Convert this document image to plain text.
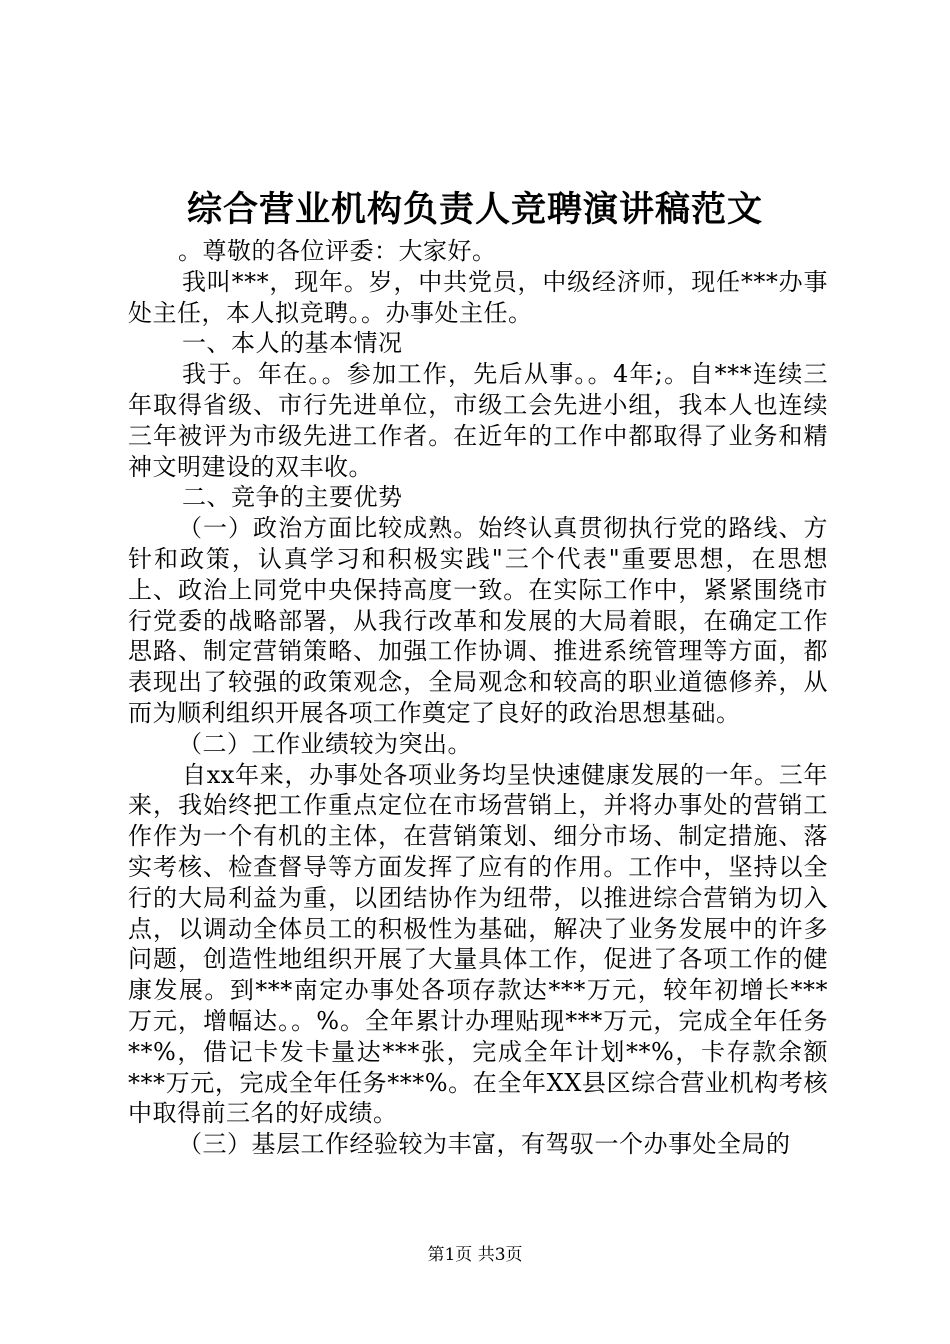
综合营业机构负责人竞聘演讲稿范文

。尊敬的各位评委：大家好。

我叫***，现年。岁，中共党员，中级经济师，现任***办事处主任，本人拟竞聘。。办事处主任。

一、本人的基本情况

我于。年在。。参加工作，先后从事。。4年;。自***连续三年取得省级、市行先进单位，市级工会先进小组，我本人也连续三年被评为市级先进工作者。在近年的工作中都取得了业务和精神文明建设的双丰收。

二、竞争的主要优势

（一）政治方面比较成熟。始终认真贯彻执行党的路线、方针和政策，认真学习和积极实践"三个代表"重要思想，在思想上、政治上同党中央保持高度一致。在实际工作中，紧紧围绕市行党委的战略部署，从我行改革和发展的大局着眼，在确定工作思路、制定营销策略、加强工作协调、推进系统管理等方面，都表现出了较强的政策观念，全局观念和较高的职业道德修养，从而为顺利组织开展各项工作奠定了良好的政治思想基础。

（二）工作业绩较为突出。

自xx年来，办事处各项业务均呈快速健康发展的一年。三年来，我始终把工作重点定位在市场营销上，并将办事处的营销工作作为一个有机的主体，在营销策划、细分市场、制定措施、落实考核、检查督导等方面发挥了应有的作用。工作中，坚持以全行的大局利益为重，以团结协作为纽带，以推进综合营销为切入点，以调动全体员工的积极性为基础，解决了业务发展中的许多问题，创造性地组织开展了大量具体工作，促进了各项工作的健康发展。到***南定办事处各项存款达***万元，较年初增长***万元，增幅达。。%。全年累计办理贴现***万元，完成全年任务**%，借记卡发卡量达***张，完成全年计划**%，卡存款余额***万元，完成全年任务***%。在全年XX县区综合营业机构考核中取得前三名的好成绩。

（三）基层工作经验较为丰富，有驾驭一个办事处全局的

第1页 共3页
